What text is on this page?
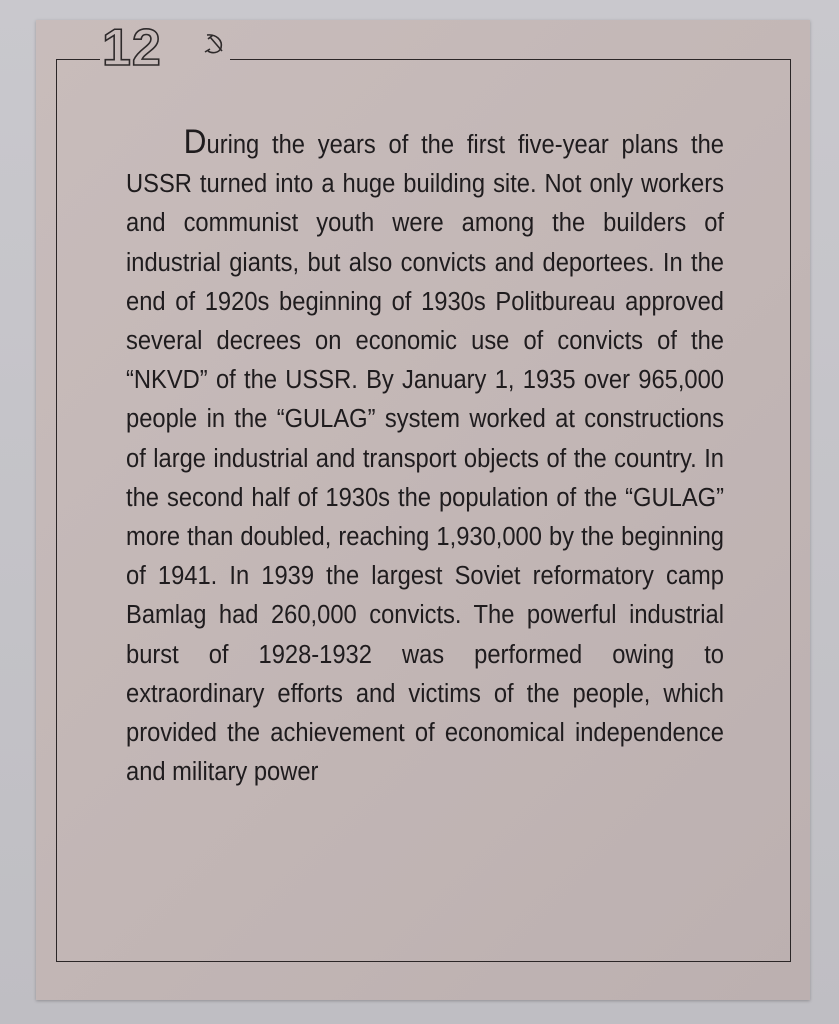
12

During the years of the first five-year plans the USSR turned into a huge building site. Not only workers and communist youth were among the builders of industrial giants, but also convicts and deportees. In the end of 1920s beginning of 1930s Politbureau approved several decrees on economic use of convicts of the “NKVD” of the USSR. By January 1, 1935 over 965,000 people in the “GULAG” system worked at constructions of large industrial and transport objects of the country. In the second half of 1930s the population of the “GULAG” more than doubled, reaching 1,930,000 by the beginning of 1941. In 1939 the largest Soviet reformatory camp Bamlag had 260,000 convicts. The powerful industrial burst of 1928-1932 was performed owing to extraordinary efforts and victims of the people, which provided the achievement of economical independence and military power
